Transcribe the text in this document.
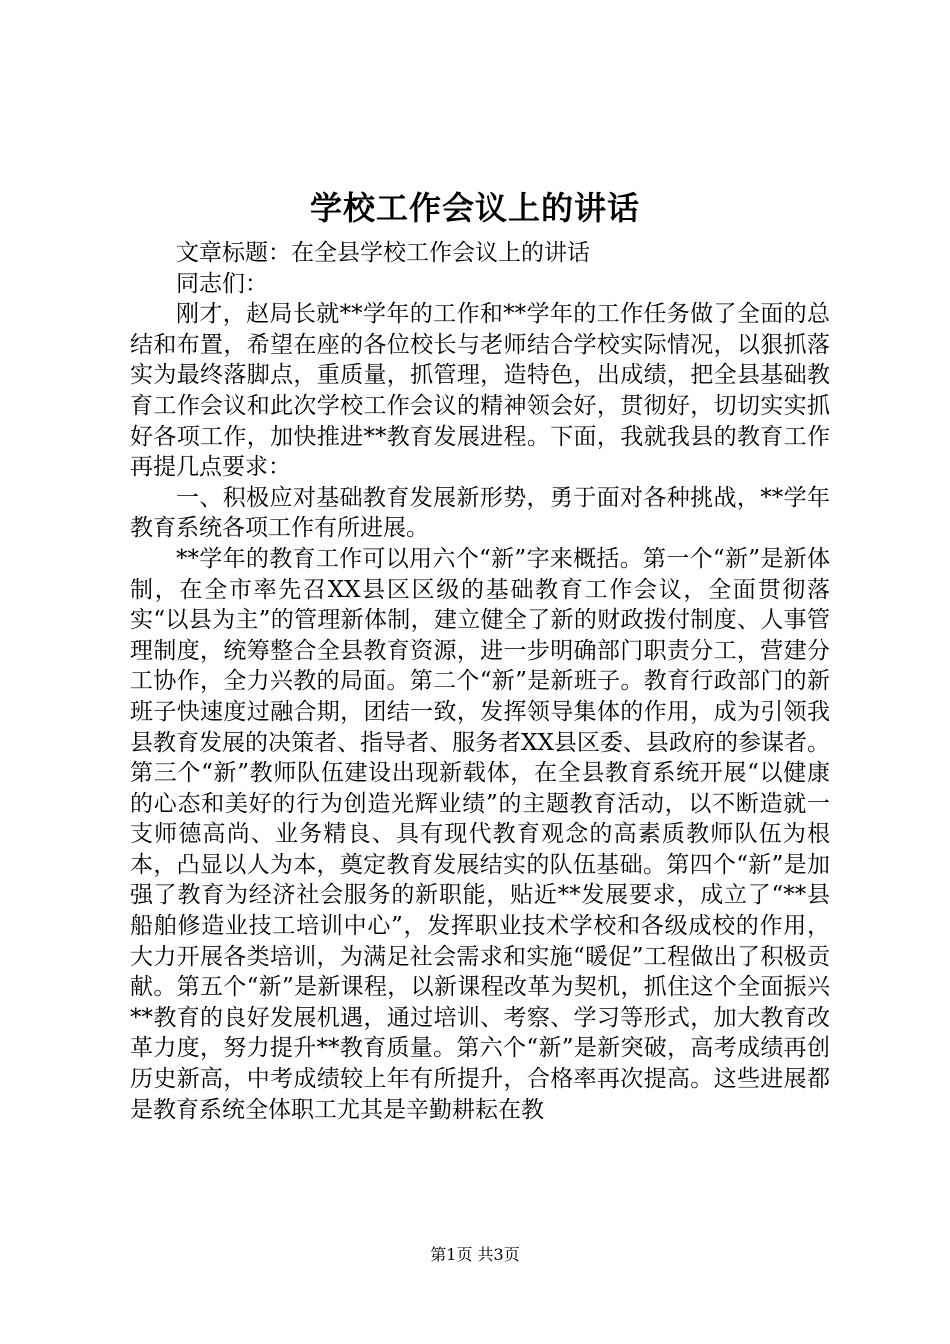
学校工作会议上的讲话

文章标题：在全县学校工作会议上的讲话

同志们：

刚才，赵局长就**学年的工作和**学年的工作任务做了全面的总结和布置，希望在座的各位校长与老师结合学校实际情况，以狠抓落实为最终落脚点，重质量，抓管理，造特色，出成绩，把全县基础教育工作会议和此次学校工作会议的精神领会好，贯彻好，切切实实抓好各项工作，加快推进**教育发展进程。下面，我就我县的教育工作再提几点要求：

一、积极应对基础教育发展新形势，勇于面对各种挑战，**学年教育系统各项工作有所进展。

**学年的教育工作可以用六个“新”字来概括。第一个“新”是新体制，在全市率先召XX县区区级的基础教育工作会议，全面贯彻落实“以县为主”的管理新体制，建立健全了新的财政拨付制度、人事管理制度，统筹整合全县教育资源，进一步明确部门职责分工，营建分工协作，全力兴教的局面。第二个“新”是新班子。教育行政部门的新班子快速度过融合期，团结一致，发挥领导集体的作用，成为引领我县教育发展的决策者、指导者、服务者XX县区委、县政府的参谋者。第三个“新”教师队伍建设出现新载体，在全县教育系统开展“以健康的心态和美好的行为创造光辉业绩”的主题教育活动，以不断造就一支师德高尚、业务精良、具有现代教育观念的高素质教师队伍为根本，凸显以人为本，奠定教育发展结实的队伍基础。第四个“新”是加强了教育为经济社会服务的新职能，贴近**发展要求，成立了“**县船舶修造业技工培训中心”，发挥职业技术学校和各级成校的作用，大力开展各类培训，为满足社会需求和实施“暖促”工程做出了积极贡献。第五个“新”是新课程，以新课程改革为契机，抓住这个全面振兴**教育的良好发展机遇，通过培训、考察、学习等形式，加大教育改革力度，努力提升**教育质量。第六个“新”是新突破，高考成绩再创历史新高，中考成绩较上年有所提升，合格率再次提高。这些进展都是教育系统全体职工尤其是辛勤耕耘在教

第1页 共3页
